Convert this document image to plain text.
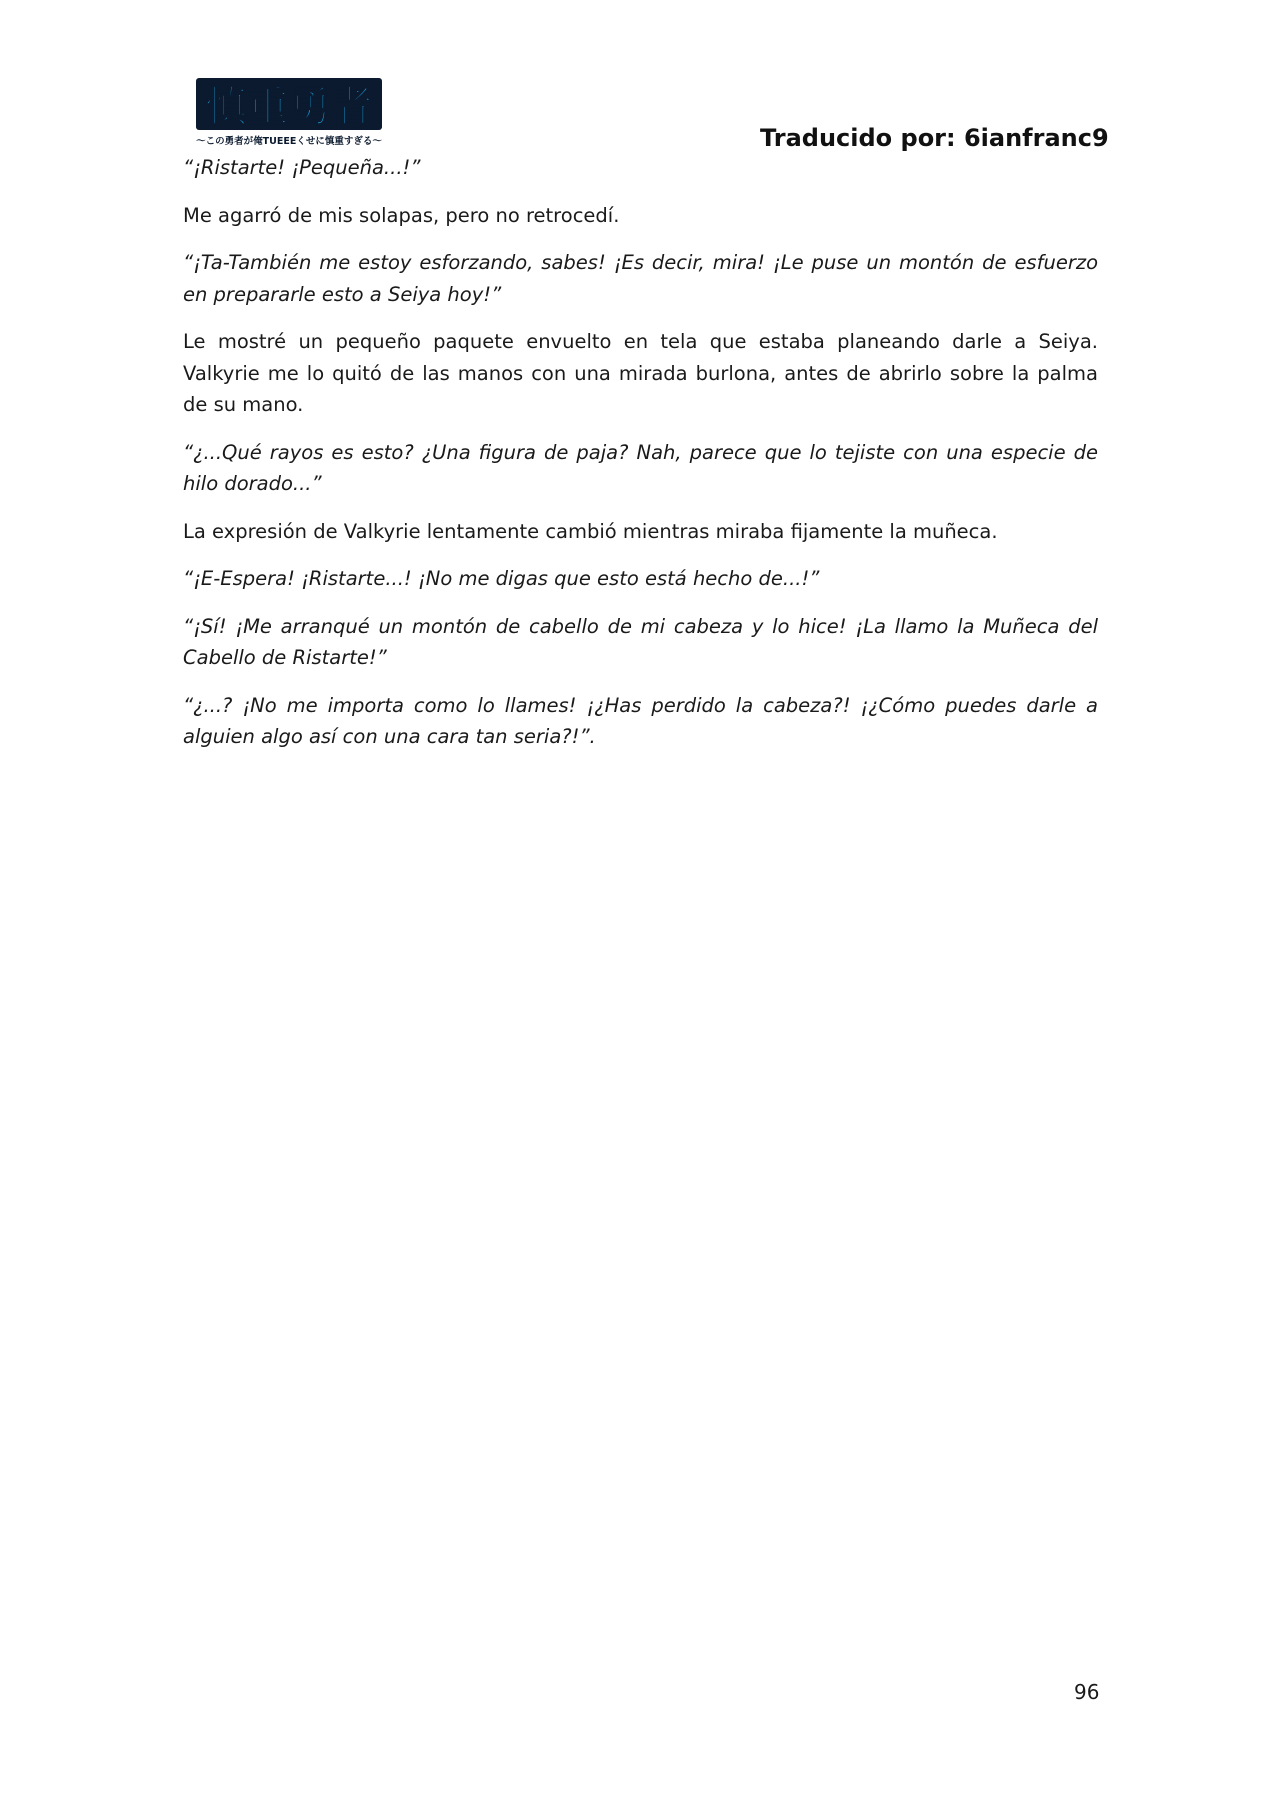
慎重勇者
〜この勇者が俺TUEEEくせに慎重すぎる〜	Traducido por: 6ianfranc9

“¡Ristarte! ¡Pequeña...!”

Me agarró de mis solapas, pero no retrocedí.

“¡Ta-También me estoy esforzando, sabes! ¡Es decir, mira! ¡Le puse un montón de esfuerzo en prepararle esto a Seiya hoy!”

Le mostré un pequeño paquete envuelto en tela que estaba planeando darle a Seiya. Valkyrie me lo quitó de las manos con una mirada burlona, antes de abrirlo sobre la palma de su mano.

“¿...Qué rayos es esto? ¿Una figura de paja? Nah, parece que lo tejiste con una especie de hilo dorado...”

La expresión de Valkyrie lentamente cambió mientras miraba fijamente la muñeca.

“¡E-Espera! ¡Ristarte...! ¡No me digas que esto está hecho de...!”

“¡Sí! ¡Me arranqué un montón de cabello de mi cabeza y lo hice! ¡La llamo la Muñeca del Cabello de Ristarte!”

“¿...? ¡No me importa como lo llames! ¡¿Has perdido la cabeza?! ¡¿Cómo puedes darle a alguien algo así con una cara tan seria?!”.

96
